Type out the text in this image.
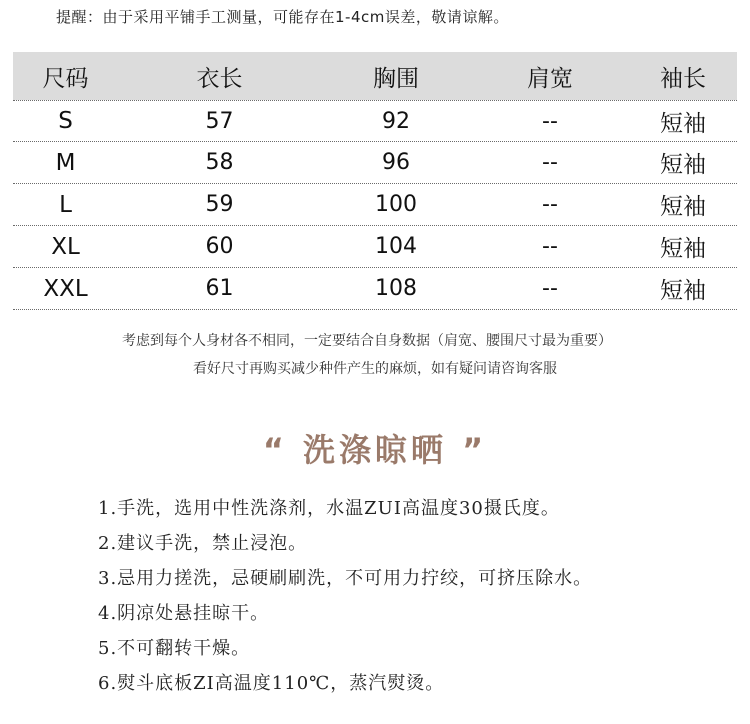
提醒：由于采用平铺手工测量，可能存在1-4cm误差，敬请谅解。
尺码	衣长	胸围	肩宽	袖长
S	57	92	--	短袖
M	58	96	--	短袖
L	59	100	--	短袖
XL	60	104	--	短袖
XXL	61	108	--	短袖
考虑到每个人身材各不相同，一定要结合自身数据（肩宽、腰围尺寸最为重要）
看好尺寸再购买减少种件产生的麻烦，如有疑问请咨询客服
“ 洗涤晾晒 ”
1.手洗，选用中性洗涤剂，水温ZUI高温度30摄氏度。
2.建议手洗，禁止浸泡。
3.忌用力搓洗，忌硬刷刷洗，不可用力拧绞，可挤压除水。
4.阴凉处悬挂晾干。
5.不可翻转干燥。
6.熨斗底板ZI高温度110℃，蒸汽熨烫。
